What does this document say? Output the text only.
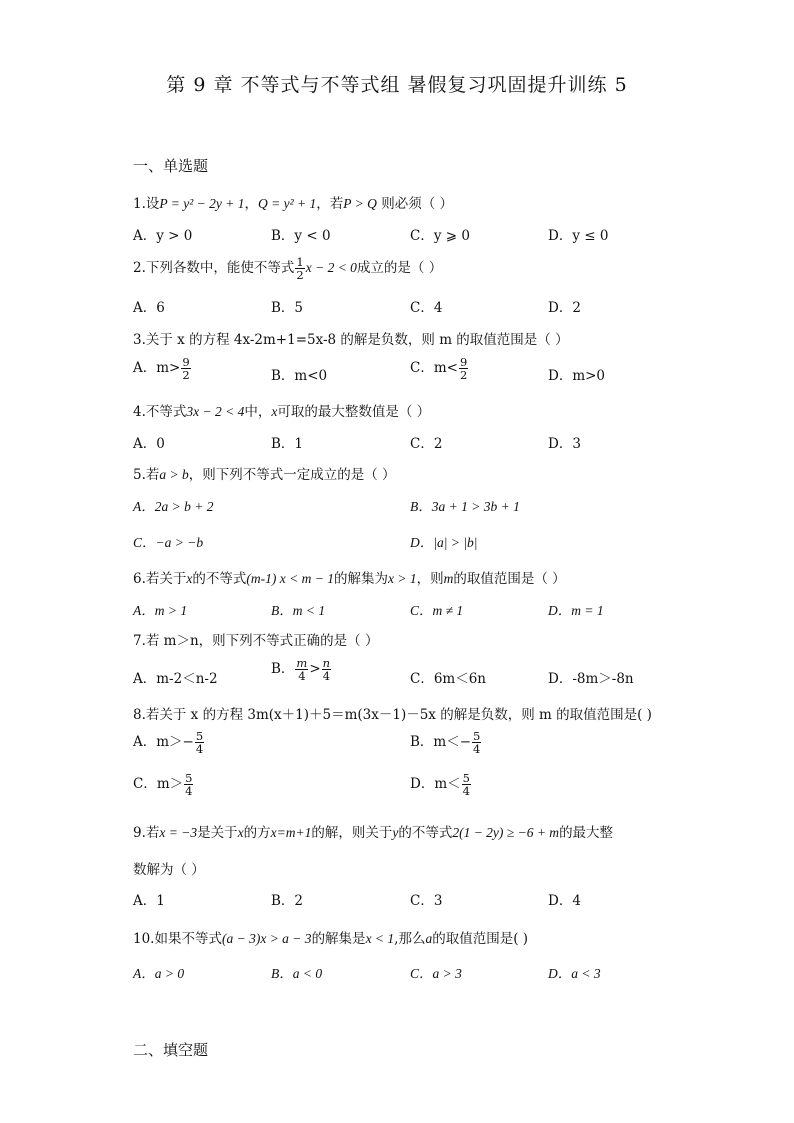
第 9 章 不等式与不等式组 暑假复习巩固提升训练 5
一、单选题
1.设P = y² − 2y + 1，Q = y² + 1，若P > Q 则必须（ ）
A．y > 0	B．y < 0	C．y ⩾ 0	D．y ≤ 0
2.下列各数中，能使不等式 $\frac{1}{2}$ x − 2 < 0成立的是（ ）
A．6	B．5	C．4	D．2
3.关于 x 的方程 4x-2m+1=5x-8 的解是负数，则 m 的取值范围是（ ）
A．$m> \frac{9}{2}$	B．m<0	C．$m< \frac{9}{2}$	D．m>0
4.不等式3x − 2 < 4中，x可取的最大整数值是（ ）
A．0	B．1	C．2	D．3
5.若a > b，则下列不等式一定成立的是（ ）
A．2a > b + 2	B．3a + 1 > 3b + 1
C．−a > −b	D．|a| > |b|
6.若关于x的不等式(m-1) x < m − 1的解集为x > 1，则m的取值范围是（ ）
A．m > 1	B．m < 1	C．m ≠ 1	D．m = 1
7.若 m＞n，则下列不等式正确的是（ ）
A．m-2＜n-2
B． $\frac{m}{4} > \frac{n}{4}$	C．6m＜6n	D．-8m＞-8n
8.若关于 x 的方程 3m(x＋1)＋5＝m(3x－1)－5x 的解是负数，则 m 的取值范围是( )
A．$m>- \frac{5}{4}$	B．$m<- \frac{5}{4}$
C．$m> \frac{5}{4}$	D．$m< \frac{5}{4}$
9.若x = −3是关于x的方x=m+1的解，则关于y的不等式2(1 − 2y) ≥ −6 + m的最大整
数解为（ ）
A．1	B．2	C．3	D．4
10.如果不等式(a − 3)x > a − 3的解集是x < 1,那么a的取值范围是( )
A．a > 0	B．a < 0	C．a > 3	D．a < 3
二、填空题
